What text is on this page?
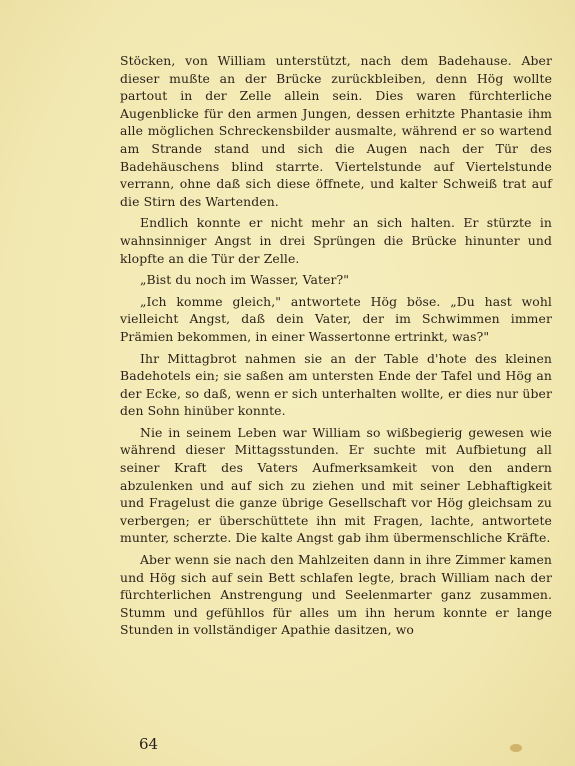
Stöcken, von William unterstützt, nach dem Badehause. Aber dieser mußte an der Brücke zurückbleiben, denn Hög wollte partout in der Zelle allein sein. Dies waren fürchterliche Augenblicke für den armen Jungen, dessen erhitzte Phantasie ihm alle möglichen Schreckensbilder ausmalte, während er so wartend am Strande stand und sich die Augen nach der Tür des Badehäuschens blind starrte. Viertelstunde auf Viertelstunde verrann, ohne daß sich diese öffnete, und kalter Schweiß trat auf die Stirn des Wartenden.

Endlich konnte er nicht mehr an sich halten. Er stürzte in wahnsinniger Angst in drei Sprüngen die Brücke hinunter und klopfte an die Tür der Zelle.

„Bist du noch im Wasser, Vater?"

„Ich komme gleich," antwortete Hög böse. „Du hast wohl vielleicht Angst, daß dein Vater, der im Schwimmen immer Prämien bekommen, in einer Wassertonne ertrinkt, was?"

Ihr Mittagbrot nahmen sie an der Table d'hote des kleinen Badehotels ein; sie saßen am untersten Ende der Tafel und Hög an der Ecke, so daß, wenn er sich unterhalten wollte, er dies nur über den Sohn hinüber konnte.

Nie in seinem Leben war William so wißbegierig gewesen wie während dieser Mittagsstunden. Er suchte mit Aufbietung all seiner Kraft des Vaters Aufmerksamkeit von den andern abzulenken und auf sich zu ziehen und mit seiner Lebhaftigkeit und Fragelust die ganze übrige Gesellschaft vor Hög gleichsam zu verbergen; er überschüttete ihn mit Fragen, lachte, antwortete munter, scherzte. Die kalte Angst gab ihm übermenschliche Kräfte.

Aber wenn sie nach den Mahlzeiten dann in ihre Zimmer kamen und Hög sich auf sein Bett schlafen legte, brach William nach der fürchterlichen Anstrengung und Seelenmarter ganz zusammen. Stumm und gefühllos für alles um ihn herum konnte er lange Stunden in vollständiger Apathie dasitzen, wo

64
